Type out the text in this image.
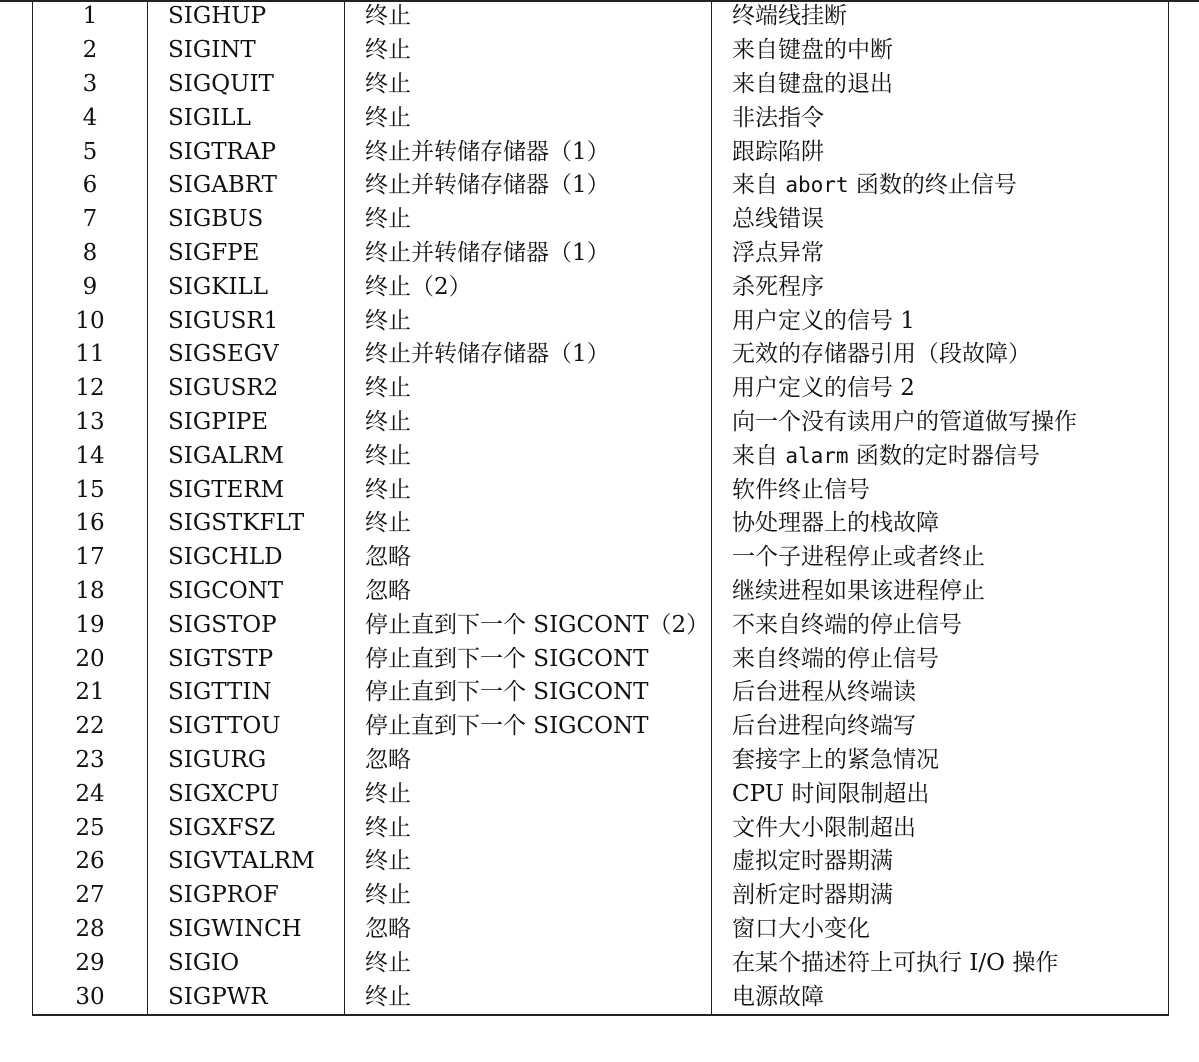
1	SIGHUP	终止	终端线挂断
2	SIGINT	终止	来自键盘的中断
3	SIGQUIT	终止	来自键盘的退出
4	SIGILL	终止	非法指令
5	SIGTRAP	终止并转储存储器（1）	跟踪陷阱
6	SIGABRT	终止并转储存储器（1）	来自 abort 函数的终止信号
7	SIGBUS	终止	总线错误
8	SIGFPE	终止并转储存储器（1）	浮点异常
9	SIGKILL	终止（2）	杀死程序
10	SIGUSR1	终止	用户定义的信号 1
11	SIGSEGV	终止并转储存储器（1）	无效的存储器引用（段故障）
12	SIGUSR2	终止	用户定义的信号 2
13	SIGPIPE	终止	向一个没有读用户的管道做写操作
14	SIGALRM	终止	来自 alarm 函数的定时器信号
15	SIGTERM	终止	软件终止信号
16	SIGSTKFLT	终止	协处理器上的栈故障
17	SIGCHLD	忽略	一个子进程停止或者终止
18	SIGCONT	忽略	继续进程如果该进程停止
19	SIGSTOP	停止直到下一个 SIGCONT（2）	不来自终端的停止信号
20	SIGTSTP	停止直到下一个 SIGCONT	来自终端的停止信号
21	SIGTTIN	停止直到下一个 SIGCONT	后台进程从终端读
22	SIGTTOU	停止直到下一个 SIGCONT	后台进程向终端写
23	SIGURG	忽略	套接字上的紧急情况
24	SIGXCPU	终止	CPU 时间限制超出
25	SIGXFSZ	终止	文件大小限制超出
26	SIGVTALRM	终止	虚拟定时器期满
27	SIGPROF	终止	剖析定时器期满
28	SIGWINCH	忽略	窗口大小变化
29	SIGIO	终止	在某个描述符上可执行 I/O 操作
30	SIGPWR	终止	电源故障
